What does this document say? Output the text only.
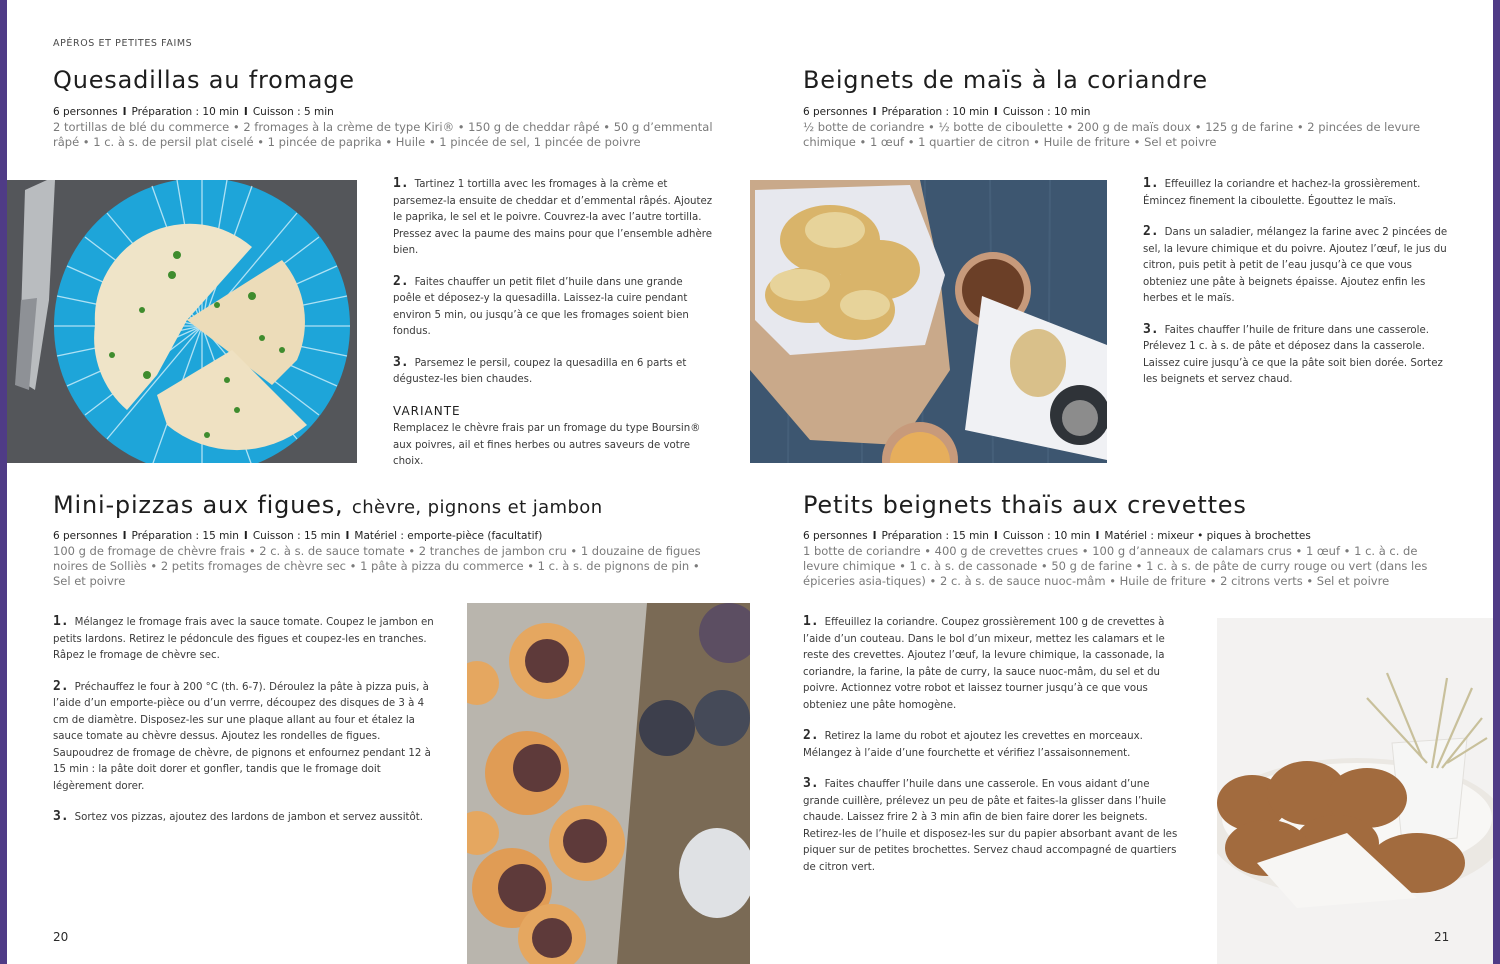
APÉROS ET PETITES FAIMS
Quesadillas au fromage
6 personnes I Préparation : 10 min I Cuisson : 5 min
2 tortillas de blé du commerce • 2 fromages à la crème de type Kiri® • 150 g de cheddar râpé • 50 g d’emmental râpé • 1 c. à s. de persil plat ciselé • 1 pincée de paprika • Huile • 1 pincée de sel, 1 pincée de poivre

1. Tartinez 1 tortilla avec les fromages à la crème et parsemez-la ensuite de cheddar et d’emmental râpés. Ajoutez le paprika, le sel et le poivre. Couvrez-la avec l’autre tortilla. Pressez avec la paume des mains pour que l’ensemble adhère bien.

2. Faites chauffer un petit filet d’huile dans une grande poêle et déposez-y la quesadilla. Laissez-la cuire pendant environ 5 min, ou jusqu’à ce que les fromages soient bien fondus.

3. Parsemez le persil, coupez la quesadilla en 6 parts et dégustez-les bien chaudes.

VARIANTE
Remplacez le chèvre frais par un fromage du type Boursin® aux poivres, ail et fines herbes ou autres saveurs de votre choix.
Beignets de maïs à la coriandre
6 personnes I Préparation : 10 min I Cuisson : 10 min
½ botte de coriandre • ½ botte de ciboulette • 200 g de maïs doux • 125 g de farine • 2 pincées de levure chimique • 1 œuf • 1 quartier de citron • Huile de friture • Sel et poivre

1. Effeuillez la coriandre et hachez-la grossièrement. Émincez finement la ciboulette. Égouttez le maïs.

2. Dans un saladier, mélangez la farine avec 2 pincées de sel, la levure chimique et du poivre. Ajoutez l’œuf, le jus du citron, puis petit à petit de l’eau jusqu’à ce que vous obteniez une pâte à beignets épaisse. Ajoutez enfin les herbes et le maïs.

3. Faites chauffer l’huile de friture dans une casserole. Prélevez 1 c. à s. de pâte et déposez dans la casserole. Laissez cuire jusqu’à ce que la pâte soit bien dorée. Sortez les beignets et servez chaud.

Mini-pizzas aux figues, chèvre, pignons et jambon
6 personnes I Préparation : 15 min I Cuisson : 15 min I Matériel : emporte-pièce (facultatif)
100 g de fromage de chèvre frais • 2 c. à s. de sauce tomate • 2 tranches de jambon cru • 1 douzaine de figues noires de Solliès • 2 petits fromages de chèvre sec • 1 pâte à pizza du commerce • 1 c. à s. de pignons de pin • Sel et poivre

1. Mélangez le fromage frais avec la sauce tomate. Coupez le jambon en petits lardons. Retirez le pédoncule des figues et coupez-les en tranches. Râpez le fromage de chèvre sec.

2. Préchauffez le four à 200 °C (th. 6-7). Déroulez la pâte à pizza puis, à l’aide d’un emporte-pièce ou d’un verrre, découpez des disques de 3 à 4 cm de diamètre. Disposez-les sur une plaque allant au four et étalez la sauce tomate au chèvre dessus. Ajoutez les rondelles de figues. Saupoudrez de fromage de chèvre, de pignons et enfournez pendant 12 à 15 min : la pâte doit dorer et gonfler, tandis que le fromage doit légèrement dorer.

3. Sortez vos pizzas, ajoutez des lardons de jambon et servez aussitôt.

Petits beignets thaïs aux crevettes
6 personnes I Préparation : 15 min I Cuisson : 10 min I Matériel : mixeur • piques à brochettes
1 botte de coriandre • 400 g de crevettes crues • 100 g d’anneaux de calamars crus • 1 œuf • 1 c. à c. de levure chimique • 1 c. à s. de cassonade • 50 g de farine • 1 c. à s. de pâte de curry rouge ou vert (dans les épiceries asia-tiques) • 2 c. à s. de sauce nuoc-mâm • Huile de friture • 2 citrons verts • Sel et poivre

1. Effeuillez la coriandre. Coupez grossièrement 100 g de crevettes à l’aide d’un couteau. Dans le bol d’un mixeur, mettez les calamars et le reste des crevettes. Ajoutez l’œuf, la levure chimique, la cassonade, la coriandre, la farine, la pâte de curry, la sauce nuoc-mâm, du sel et du poivre. Actionnez votre robot et laissez tourner jusqu’à ce que vous obteniez une pâte homogène.

2. Retirez la lame du robot et ajoutez les crevettes en morceaux. Mélangez à l’aide d’une fourchette et vérifiez l’assaisonnement.

3. Faites chauffer l’huile dans une casserole. En vous aidant d’une grande cuillère, prélevez un peu de pâte et faites-la glisser dans l’huile chaude. Laissez frire 2 à 3 min afin de bien faire dorer les beignets. Retirez-les de l’huile et disposez-les sur du papier absorbant avant de les piquer sur de petites brochettes. Servez chaud accompagné de quartiers de citron vert.

20	21
